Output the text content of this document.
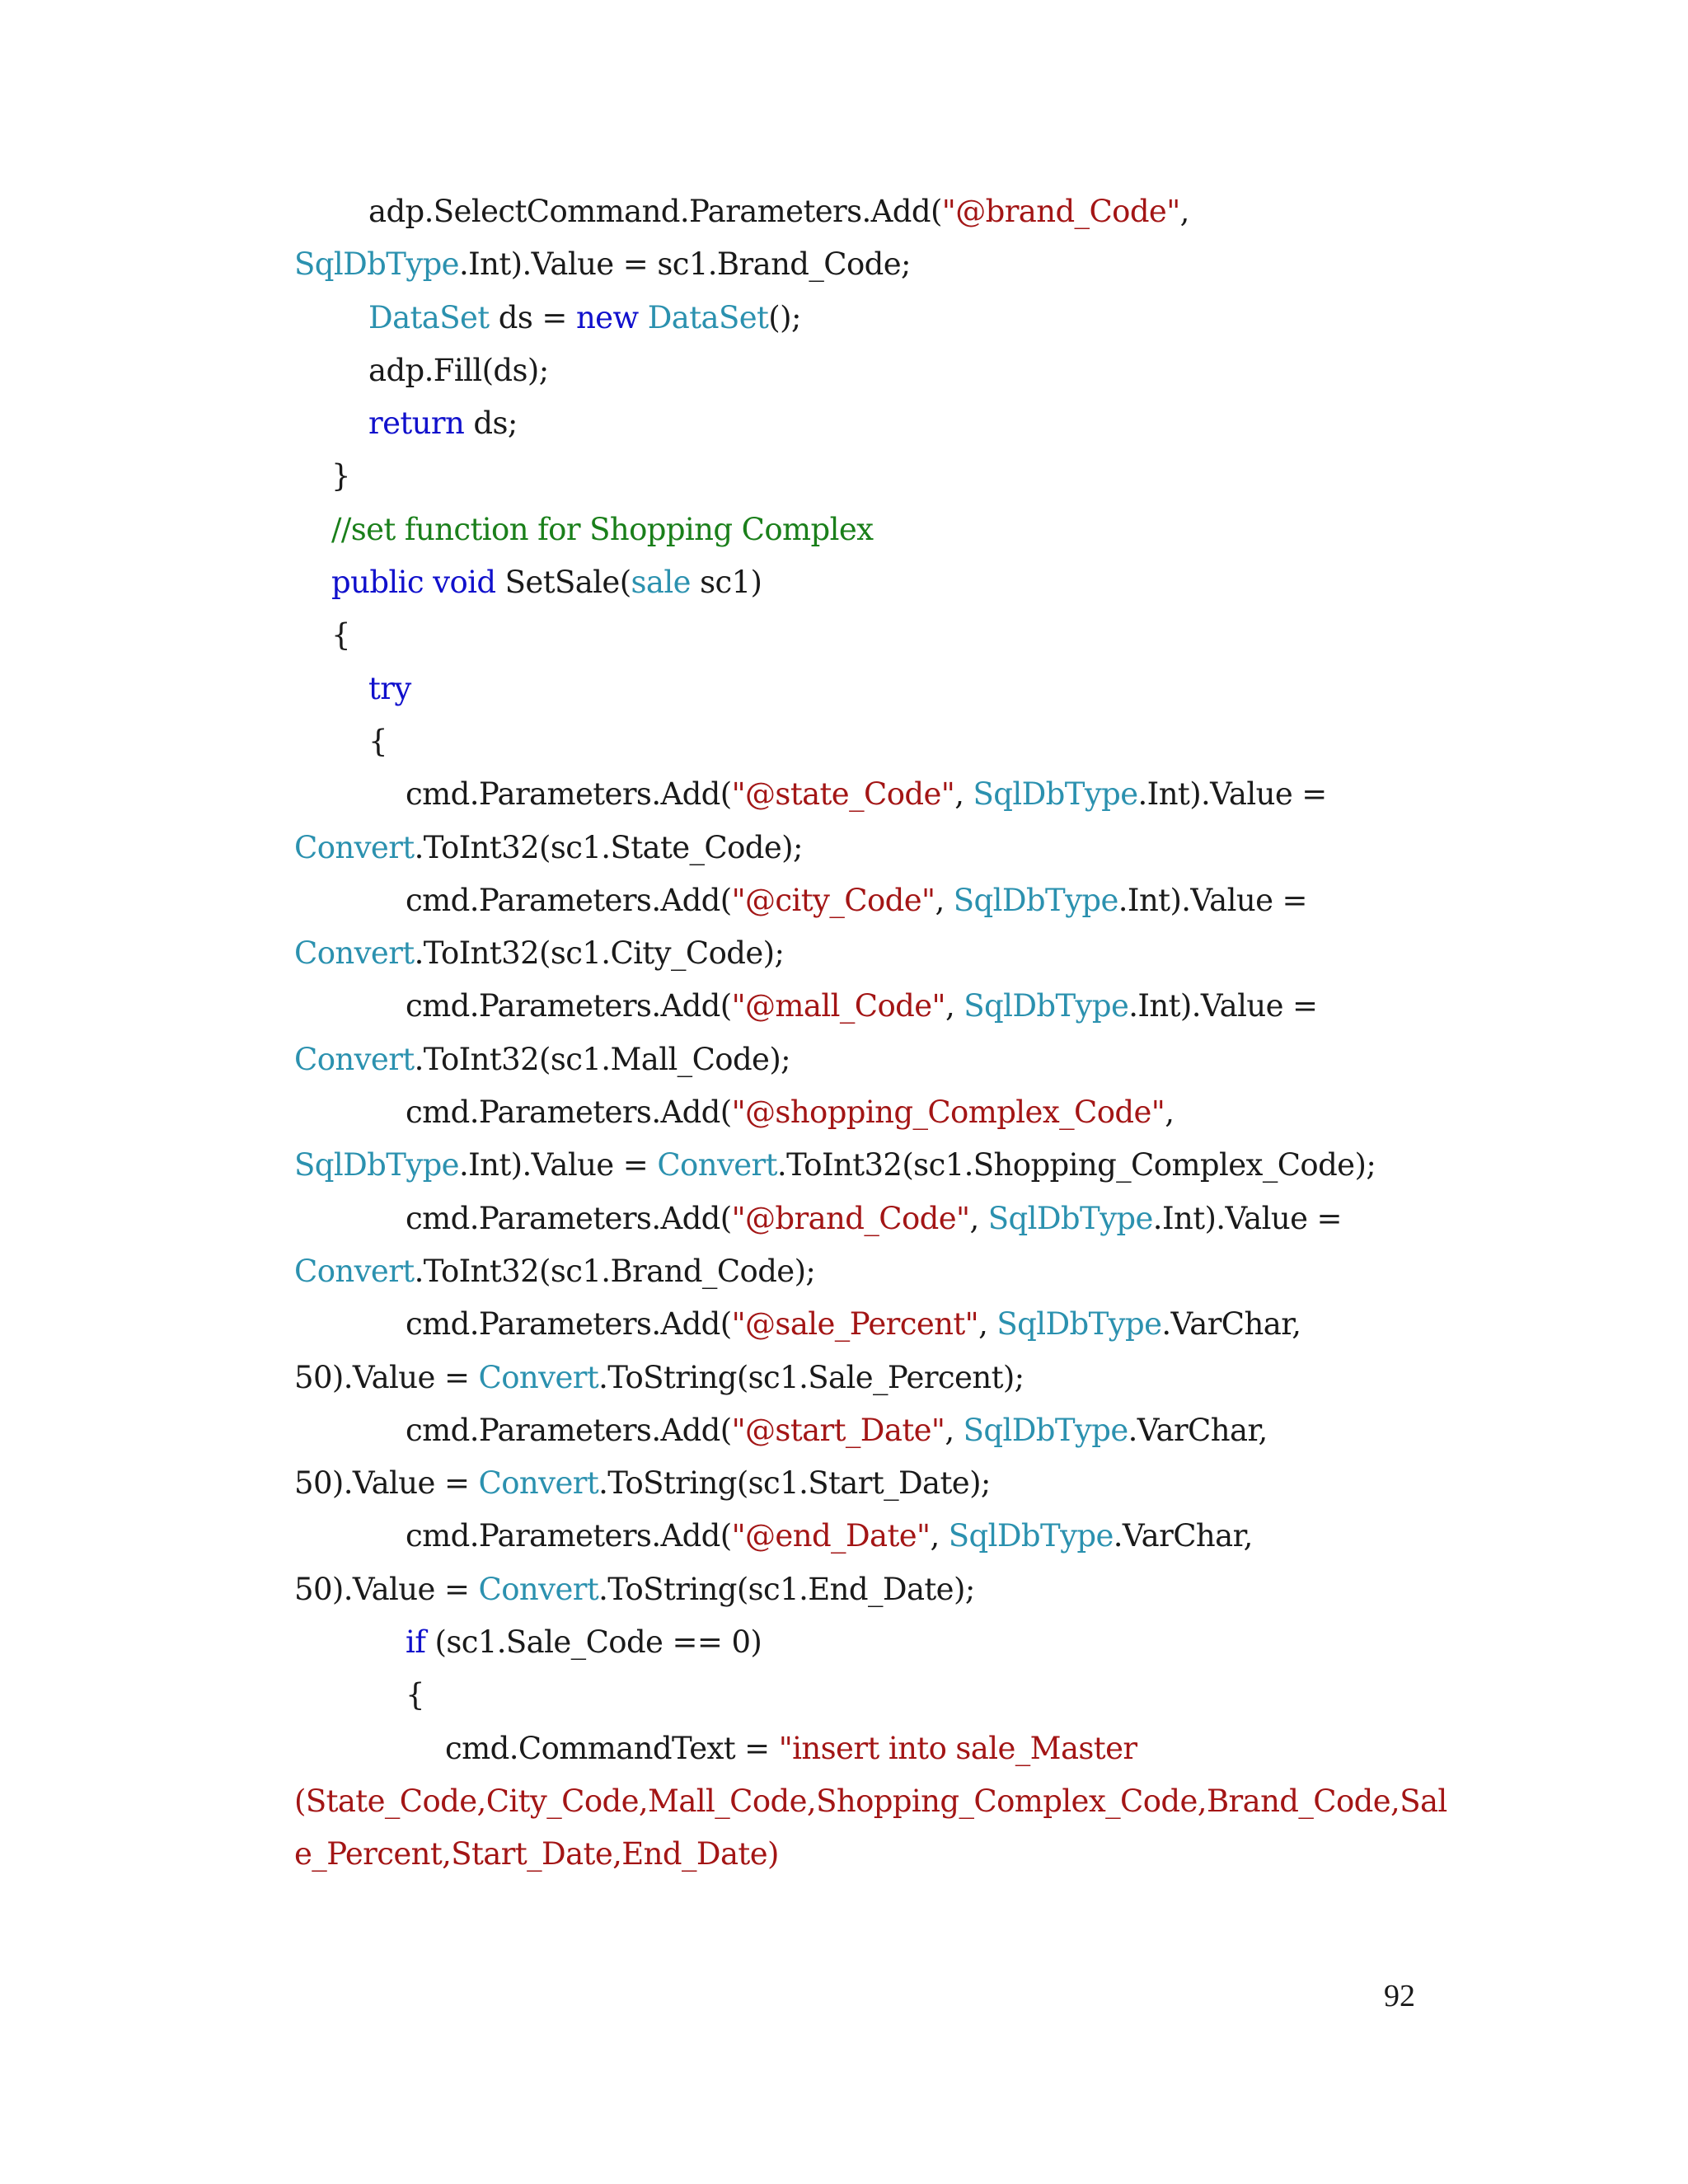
adp.SelectCommand.Parameters.Add("@brand_Code",
SqlDbType.Int).Value = sc1.Brand_Code;
DataSet ds = new DataSet();
adp.Fill(ds);
return ds;
}
//set function for Shopping Complex
public void SetSale(sale sc1)
{
try
{
cmd.Parameters.Add("@state_Code", SqlDbType.Int).Value =
Convert.ToInt32(sc1.State_Code);
cmd.Parameters.Add("@city_Code", SqlDbType.Int).Value =
Convert.ToInt32(sc1.City_Code);
cmd.Parameters.Add("@mall_Code", SqlDbType.Int).Value =
Convert.ToInt32(sc1.Mall_Code);
cmd.Parameters.Add("@shopping_Complex_Code",
SqlDbType.Int).Value = Convert.ToInt32(sc1.Shopping_Complex_Code);
cmd.Parameters.Add("@brand_Code", SqlDbType.Int).Value =
Convert.ToInt32(sc1.Brand_Code);
cmd.Parameters.Add("@sale_Percent", SqlDbType.VarChar,
50).Value = Convert.ToString(sc1.Sale_Percent);
cmd.Parameters.Add("@start_Date", SqlDbType.VarChar,
50).Value = Convert.ToString(sc1.Start_Date);
cmd.Parameters.Add("@end_Date", SqlDbType.VarChar,
50).Value = Convert.ToString(sc1.End_Date);
if (sc1.Sale_Code == 0)
{
cmd.CommandText = "insert into sale_Master
(State_Code,City_Code,Mall_Code,Shopping_Complex_Code,Brand_Code,Sal
e_Percent,Start_Date,End_Date)
92
